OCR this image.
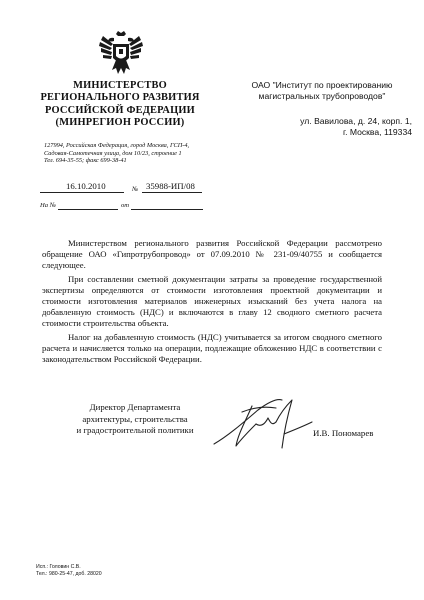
МИНИСТЕРСТВО
РЕГИОНАЛЬНОГО РАЗВИТИЯ
РОССИЙСКОЙ ФЕДЕРАЦИИ
(МИНРЕГИОН РОССИИ)
127994, Российская Федерация, город Москва, ГСП-4,
Садовая-Самотечная улица, дом 10/23, строение 1
Тел. 694-35-55; факс 699-38-41
ОАО "Институт по проектированию
магистральных трубопроводов"
ул. Вавилова, д. 24, корп. 1,
г. Москва, 119334
16.10.2010	№ 35988-ИП/08
На №	от

Министерством регионального развития Российской Федерации рассмотрено обращение ОАО «Гипротрубопровод» от 07.09.2010 № 231-09/40755 и сообщается следующее.

При составлении сметной документации затраты за проведение государственной экспертизы определяются от стоимости изготовления проектной документации и стоимости изготовления материалов инженерных изысканий без учета налога на добавленную стоимость (НДС) и включаются в главу 12 сводного сметного расчета стоимости строительства объекта.

Налог на добавленную стоимость (НДС) учитывается за итогом сводного сметного расчета и начисляется только на операции, подлежащие обложению НДС в соответствии с законодательством Российской Федерации.

Директор Департамента
архитектуры, строительства
и градостроительной политики	И.В. Пономарев
Исп.: Головин С.В.
Тел.: 980-25-47, доб. 28020
